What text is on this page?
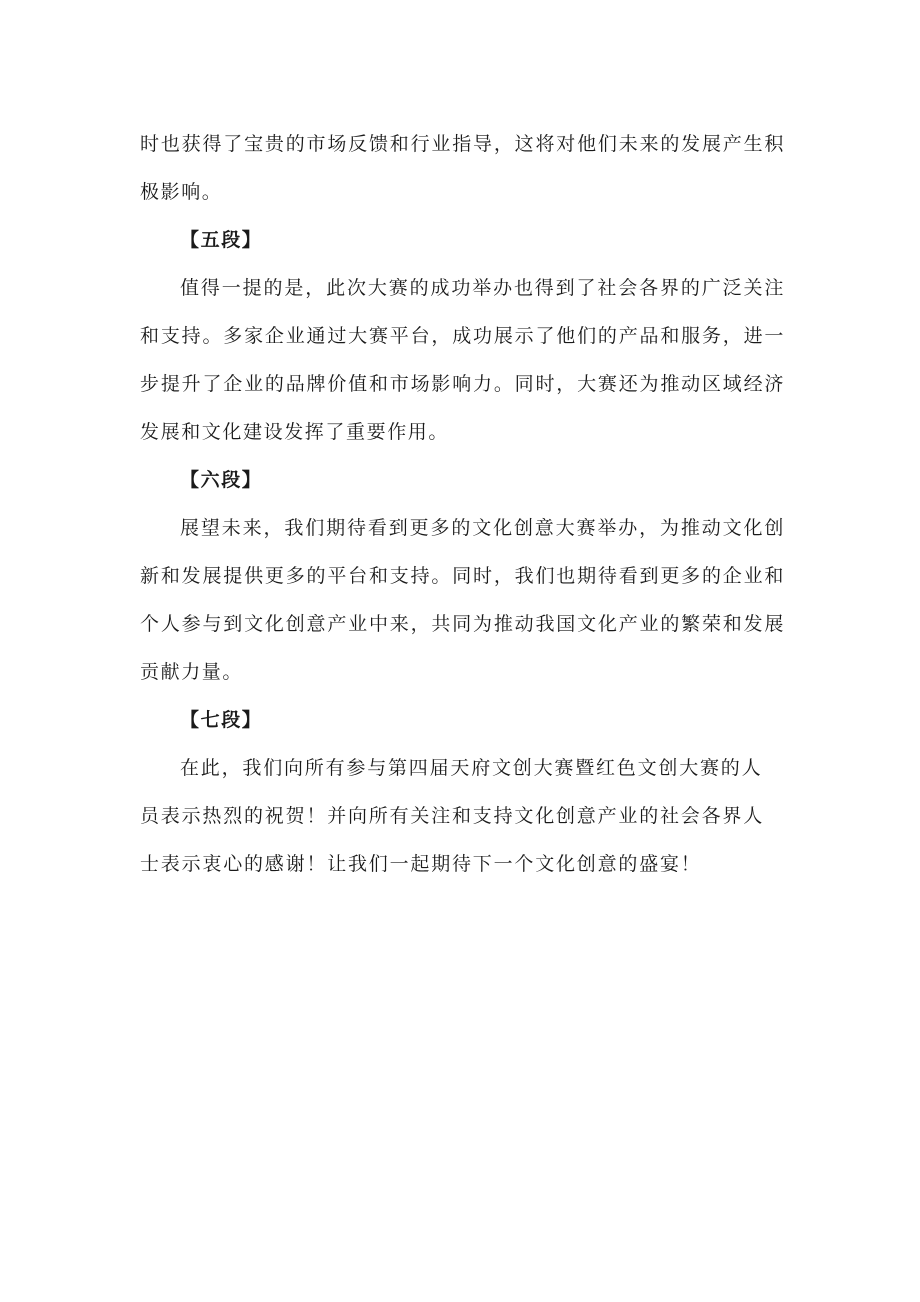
时也获得了宝贵的市场反馈和行业指导，这将对他们未来的发展产生积极影响。

【五段】

值得一提的是，此次大赛的成功举办也得到了社会各界的广泛关注和支持。多家企业通过大赛平台，成功展示了他们的产品和服务，进一步提升了企业的品牌价值和市场影响力。同时，大赛还为推动区域经济发展和文化建设发挥了重要作用。

【六段】

展望未来，我们期待看到更多的文化创意大赛举办，为推动文化创新和发展提供更多的平台和支持。同时，我们也期待看到更多的企业和个人参与到文化创意产业中来，共同为推动我国文化产业的繁荣和发展贡献力量。

【七段】

在此，我们向所有参与第四届天府文创大赛暨红色文创大赛的人
员表示热烈的祝贺！并向所有关注和支持文化创意产业的社会各界人
士表示衷心的感谢！让我们一起期待下一个文化创意的盛宴！
